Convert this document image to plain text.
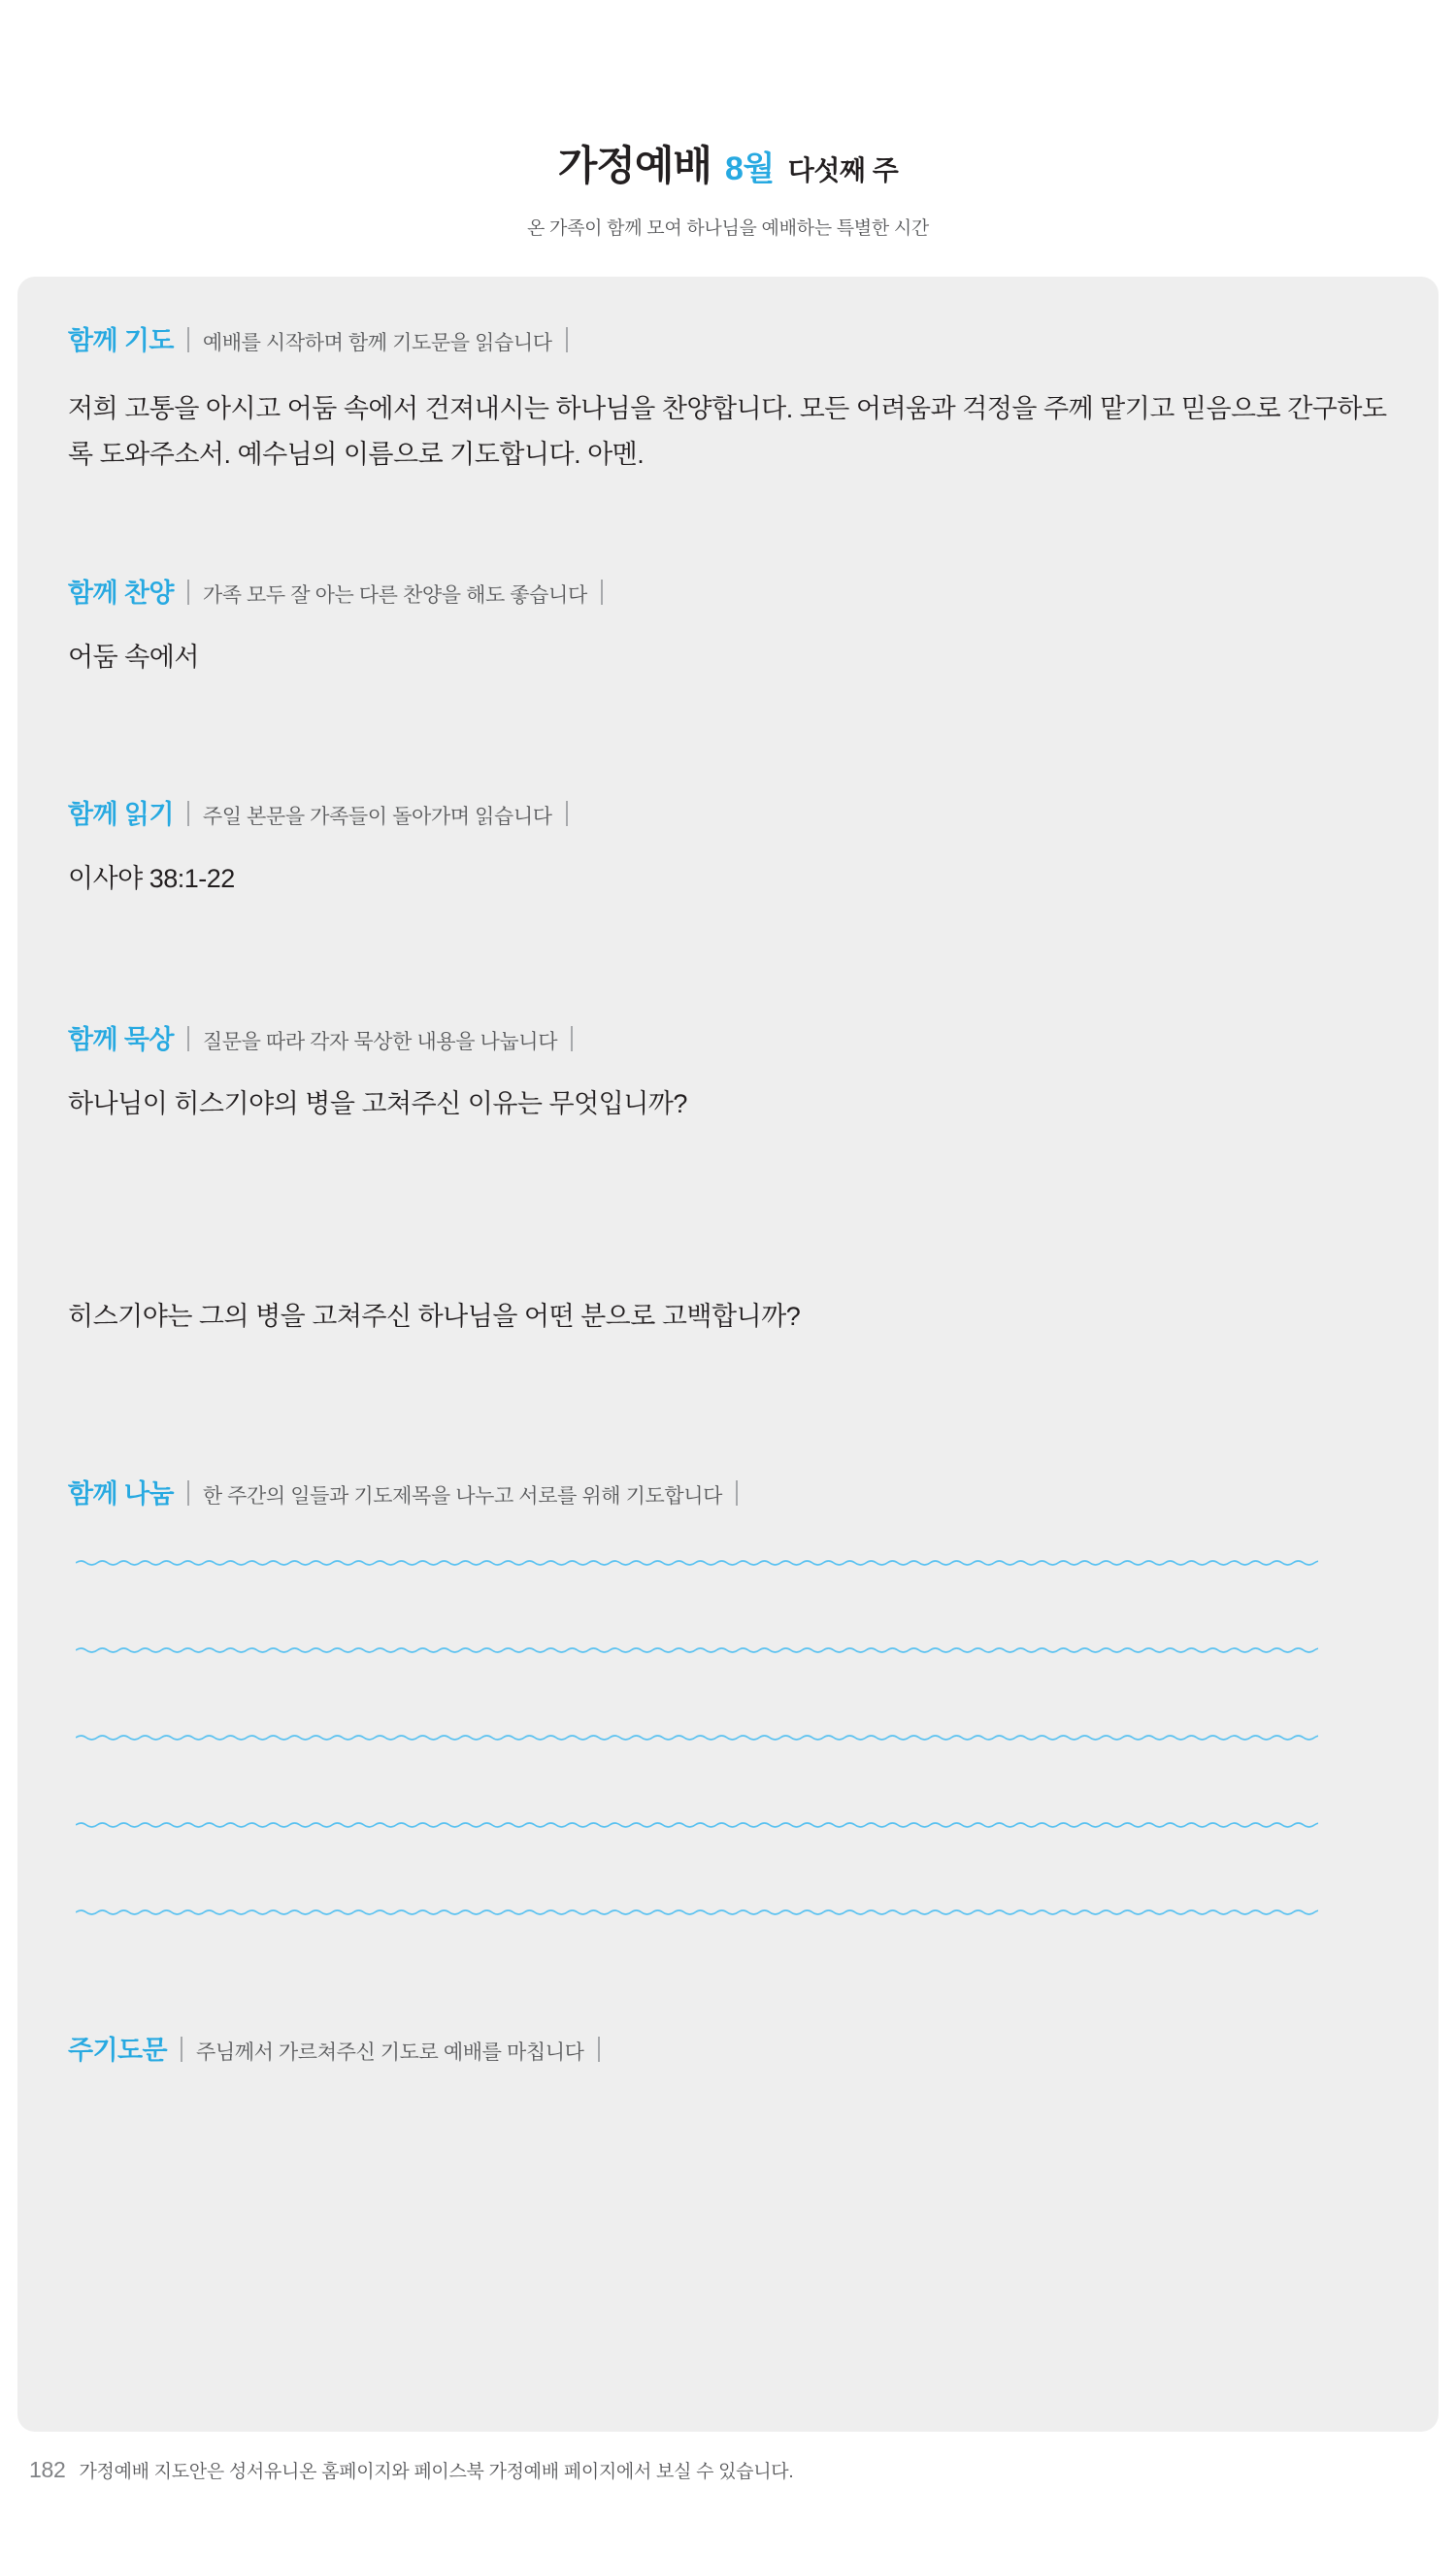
가정예배 8월 다섯째 주
온 가족이 함께 모여 하나님을 예배하는 특별한 시간
함께 기도 예배를 시작하며 함께 기도문을 읽습니다
저희 고통을 아시고 어둠 속에서 건져내시는 하나님을 찬양합니다. 모든 어려움과 걱정을 주께 맡기고 믿음으로 간구하도록 도와주소서. 예수님의 이름으로 기도합니다. 아멘.
함께 찬양 가족 모두 잘 아는 다른 찬양을 해도 좋습니다
어둠 속에서
함께 읽기 주일 본문을 가족들이 돌아가며 읽습니다
이사야 38:1-22
함께 묵상 질문을 따라 각자 묵상한 내용을 나눕니다
하나님이 히스기야의 병을 고쳐주신 이유는 무엇입니까?
히스기야는 그의 병을 고쳐주신 하나님을 어떤 분으로 고백합니까?
함께 나눔 한 주간의 일들과 기도제목을 나누고 서로를 위해 기도합니다
주기도문 주님께서 가르쳐주신 기도로 예배를 마칩니다
182 가정예배 지도안은 성서유니온 홈페이지와 페이스북 가정예배 페이지에서 보실 수 있습니다.
